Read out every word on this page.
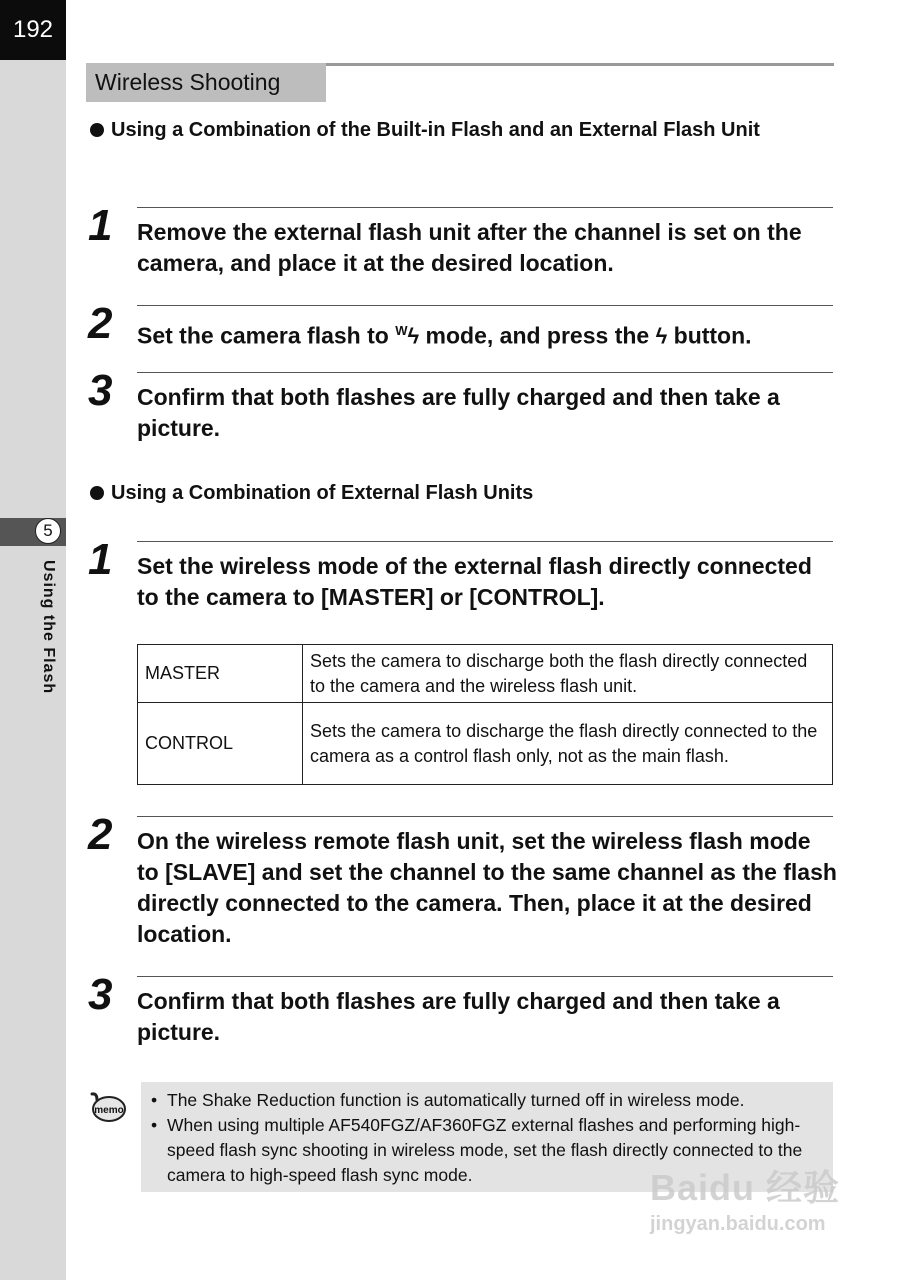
192
5
Using the Flash
Wireless Shooting
Using a Combination of the Built-in Flash and an External Flash Unit
1 Remove the external flash unit after the channel is set on the camera, and place it at the desired location.
2 Set the camera flash to $^W$ϟ mode, and press the ϟ button.
3 Confirm that both flashes are fully charged and then take a picture.
Using a Combination of External Flash Units
1 Set the wireless mode of the external flash directly connected to the camera to [MASTER] or [CONTROL].
MASTER	Sets the camera to discharge both the flash directly connected to the camera and the wireless flash unit.
CONTROL	Sets the camera to discharge the flash directly connected to the camera as a control flash only, not as the main flash.
2 On the wireless remote flash unit, set the wireless flash mode to [SLAVE] and set the channel to the same channel as the flash directly connected to the camera. Then, place it at the desired location.
3 Confirm that both flashes are fully charged and then take a picture.
memo
• The Shake Reduction function is automatically turned off in wireless mode.
• When using multiple AF540FGZ/AF360FGZ external flashes and performing high-speed flash sync shooting in wireless mode, set the flash directly connected to the camera to high-speed flash sync mode.	Baidu 经验
jingyan.baidu.com
